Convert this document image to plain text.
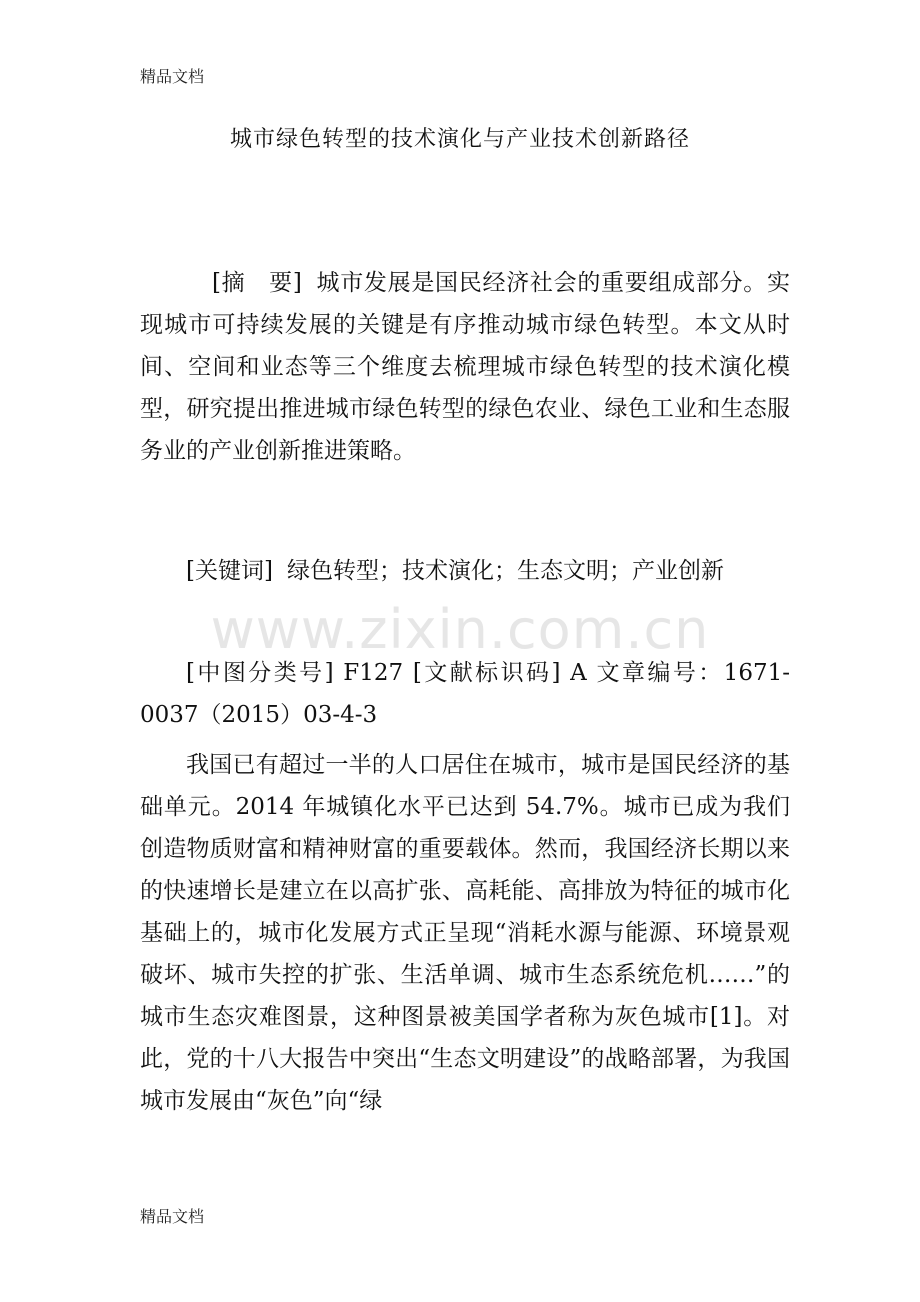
精品文档
城市绿色转型的技术演化与产业技术创新路径

[摘　要] 城市发展是国民经济社会的重要组成部分。实现城市可持续发展的关键是有序推动城市绿色转型。本文从时间、空间和业态等三个维度去梳理城市绿色转型的技术演化模型，研究提出推进城市绿色转型的绿色农业、绿色工业和生态服务业的产业创新推进策略。

[关键词] 绿色转型；技术演化；生态文明；产业创新

www.zixin.com.cn

[中图分类号] F127 [文献标识码] A 文章编号：1671-0037（2015）03-4-3

我国已有超过一半的人口居住在城市，城市是国民经济的基础单元。2014 年城镇化水平已达到 54.7%。城市已成为我们创造物质财富和精神财富的重要载体。然而，我国经济长期以来的快速增长是建立在以高扩张、高耗能、高排放为特征的城市化基础上的，城市化发展方式正呈现“消耗水源与能源、环境景观破坏、城市失控的扩张、生活单调、城市生态系统危机……”的城市生态灾难图景，这种图景被美国学者称为灰色城市[1]。对此，党的十八大报告中突出“生态文明建设”的战略部署，为我国城市发展由“灰色”向“绿

精品文档
